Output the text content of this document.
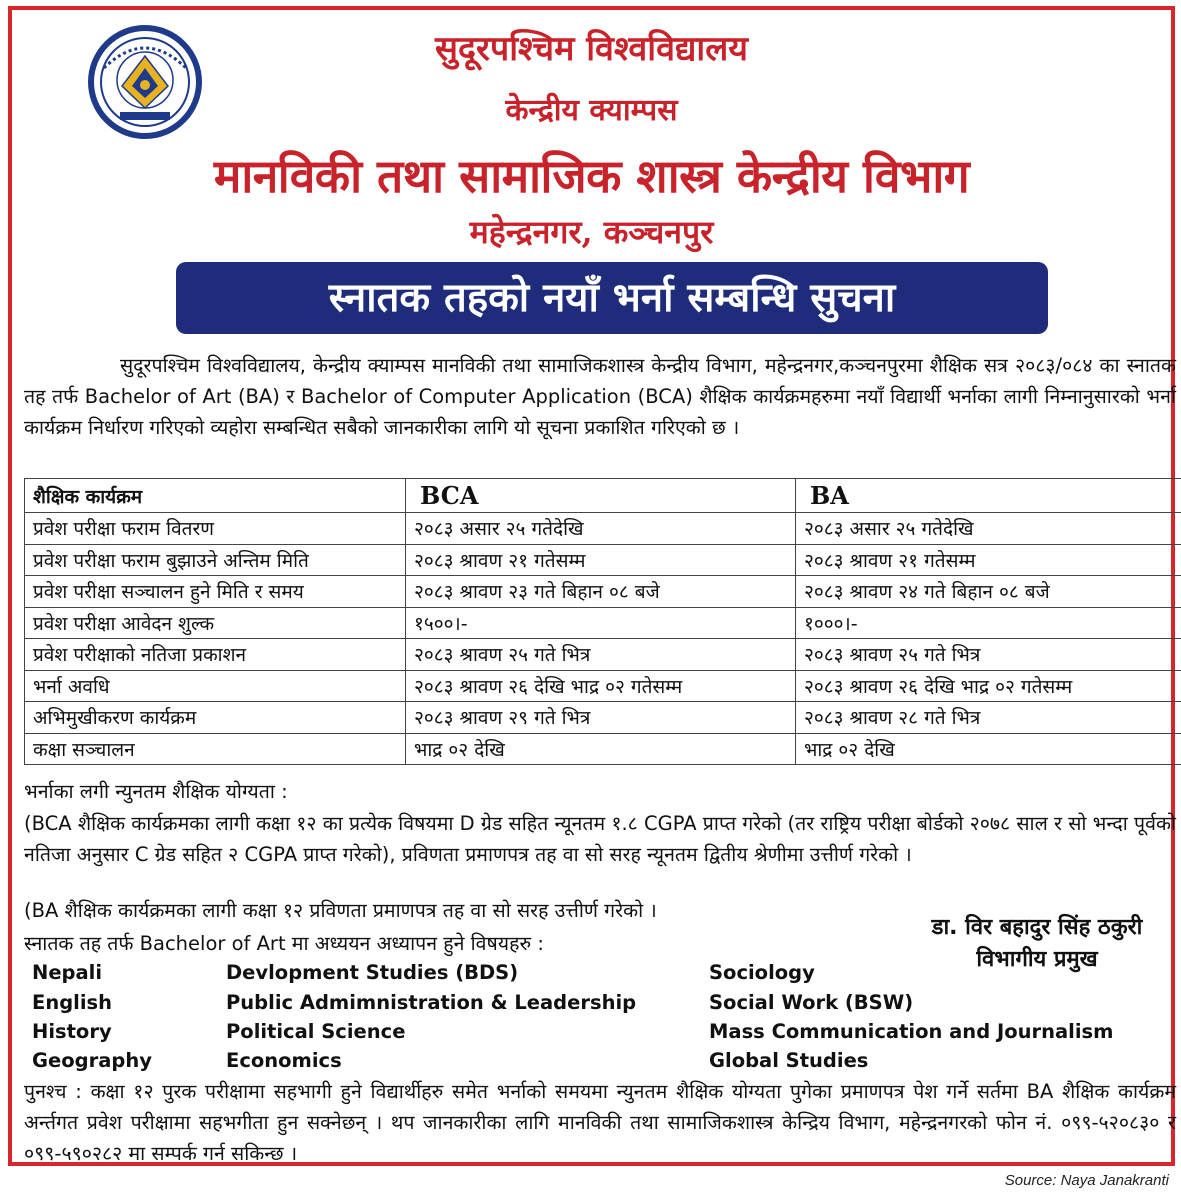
सुदूरपश्चिम विश्वविद्यालय
केन्द्रीय क्याम्पस
मानविकी तथा सामाजिक शास्त्र केन्द्रीय विभाग
महेन्द्रनगर, कञ्चनपुर
स्नातक तहको नयाँ भर्ना सम्बन्धि सुचना

सुदूरपश्चिम विश्वविद्यालय, केन्द्रीय क्याम्पस मानविकी तथा सामाजिकशास्त्र केन्द्रीय विभाग, महेन्द्रनगर,कञ्चनपुरमा शैक्षिक सत्र २०८३/०८४ का स्नातक तह तर्फ Bachelor of Art (BA) र Bachelor of Computer Application (BCA) शैक्षिक कार्यक्रमहरुमा नयाँ विद्यार्थी भर्नाका लागी निम्नानुसारको भर्ना कार्यक्रम निर्धारण गरिएको व्यहोरा सम्बन्धित सबैको जानकारीका लागि यो सूचना प्रकाशित गरिएको छ ।

शैक्षिक कार्यक्रम	BCA	BA
प्रवेश परीक्षा फराम वितरण	२०८३ असार २५ गतेदेखि	२०८३ असार २५ गतेदेखि
प्रवेश परीक्षा फराम बुझाउने अन्तिम मिति	२०८३ श्रावण २१ गतेसम्म	२०८३ श्रावण २१ गतेसम्म
प्रवेश परीक्षा सञ्चालन हुने मिति र समय	२०८३ श्रावण २३ गते बिहान ०८ बजे	२०८३ श्रावण २४ गते बिहान ०८ बजे
प्रवेश परीक्षा आवेदन शुल्क	१५००।-	१०००।-
प्रवेश परीक्षाको नतिजा प्रकाशन	२०८३ श्रावण २५ गते भित्र	२०८३ श्रावण २५ गते भित्र
भर्ना अवधि	२०८३ श्रावण २६ देखि भाद्र ०२ गतेसम्म	२०८३ श्रावण २६ देखि भाद्र ०२ गतेसम्म
अभिमुखीकरण कार्यक्रम	२०८३ श्रावण २९ गते भित्र	२०८३ श्रावण २८ गते भित्र
कक्षा सञ्चालन	भाद्र ०२ देखि	भाद्र ०२ देखि

भर्नाका लगी न्युनतम शैक्षिक योग्यता :

(BCA शैक्षिक कार्यक्रमका लागी कक्षा १२ का प्रत्येक विषयमा D ग्रेड सहित न्यूनतम १.८ CGPA प्राप्त गरेको (तर राष्ट्रिय परीक्षा बोर्डको २०७८ साल र सो भन्दा पूर्वको नतिजा अनुसार C ग्रेड सहित २ CGPA प्राप्त गरेको), प्रविणता प्रमाणपत्र तह वा सो सरह न्यूनतम द्वितीय श्रेणीमा उत्तीर्ण गरेको ।

(BA शैक्षिक कार्यक्रमका लागी कक्षा १२ प्रविणता प्रमाणपत्र तह वा सो सरह उत्तीर्ण गरेको ।

स्नातक तह तर्फ Bachelor of Art मा अध्ययन अध्यापन हुने विषयहरु :

डा. विर बहादुर सिंह ठकुरी
विभागीय प्रमुख
Nepali	Devlopment Studies (BDS)	Sociology
English	Public Admimnistration & Leadership	Social Work (BSW)
History	Political Science	Mass Communication and Journalism
Geography	Economics	Global Studies

पुनश्च : कक्षा १२ पुरक परीक्षामा सहभागी हुने विद्यार्थीहरु समेत भर्नाको समयमा न्युनतम शैक्षिक योग्यता पुगेका प्रमाणपत्र पेश गर्ने सर्तमा BA शैक्षिक कार्यक्रम अर्न्तगत प्रवेश परीक्षामा सहभगीता हुन सक्नेछन् । थप जानकारीका लागि मानविकी तथा सामाजिकशास्त्र केन्द्रिय विभाग, महेन्द्रनगरको फोन नं. ०९९-५२०८३० र ०९९-५९०२८२ मा सम्पर्क गर्न सकिन्छ ।

Source: Naya Janakranti
